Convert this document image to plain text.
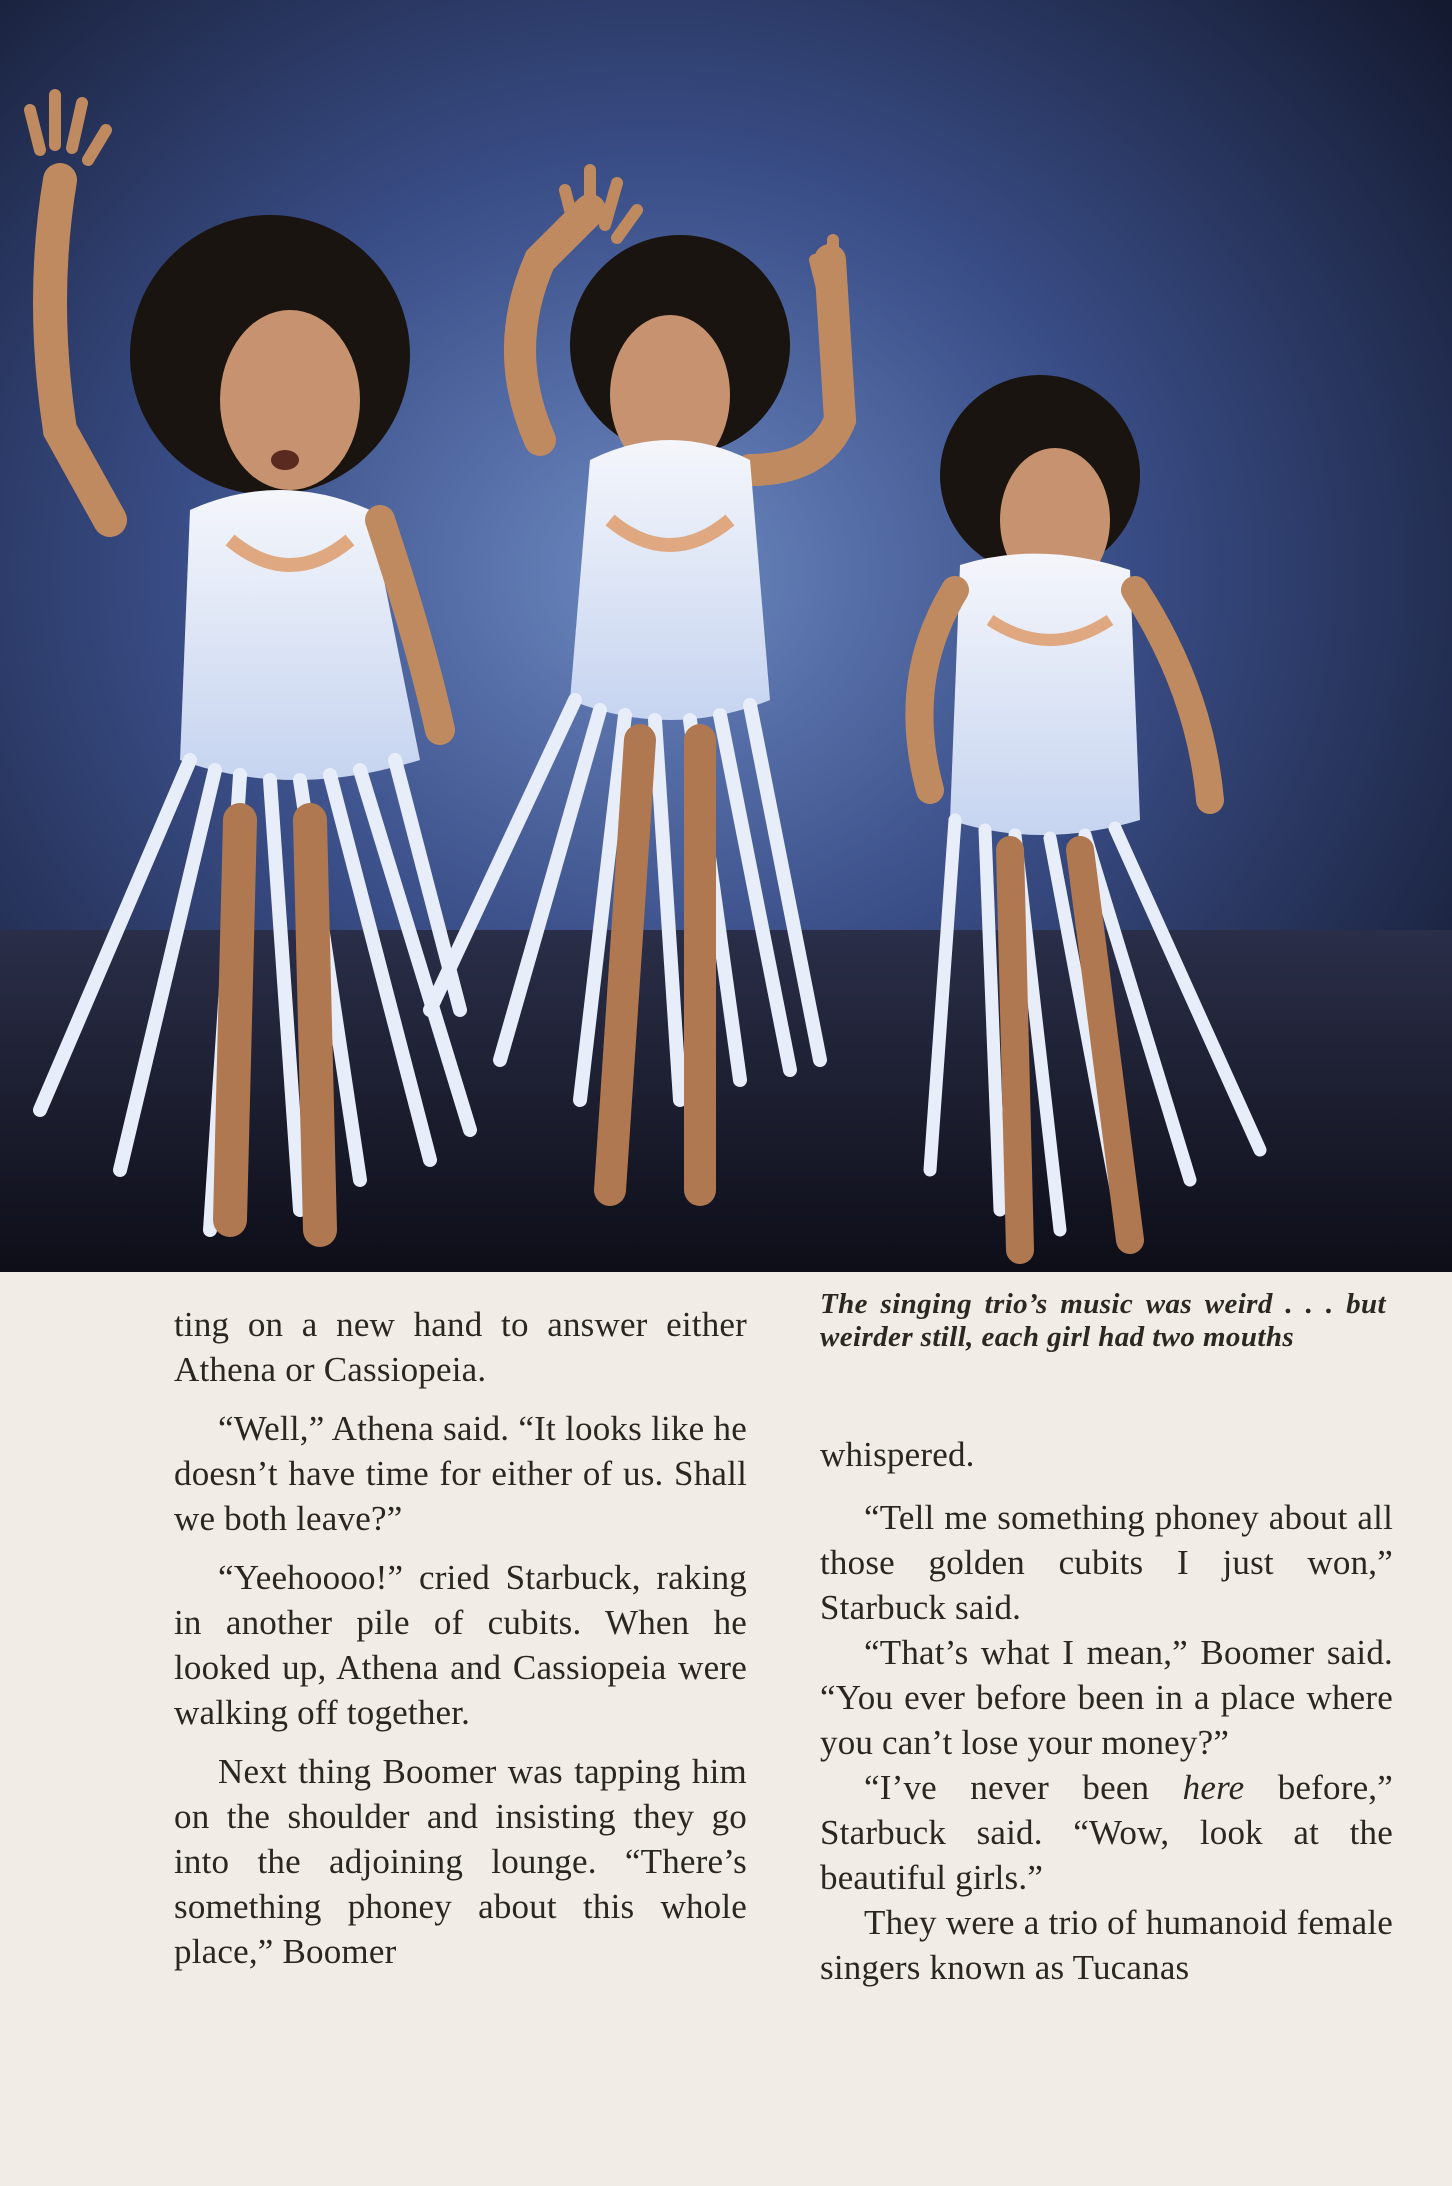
The singing trio’s music was weird . . . but weirder still, each girl had two mouths

ting on a new hand to answer either Athena or Cassiopeia.

“Well,” Athena said. “It looks like he doesn’t have time for either of us. Shall we both leave?”

“Yeehoooo!” cried Starbuck, raking in another pile of cubits. When he looked up, Athena and Cassiopeia were walking off together.

Next thing Boomer was tapping him on the shoulder and insisting they go into the adjoining lounge. “There’s something phoney about this whole place,” Boomer

whispered.

“Tell me something phoney about all those golden cubits I just won,” Starbuck said.

“That’s what I mean,” Boomer said. “You ever before been in a place where you can’t lose your money?”

“I’ve never been here before,” Starbuck said. “Wow, look at the beautiful girls.”

They were a trio of humanoid female singers known as Tucanas
